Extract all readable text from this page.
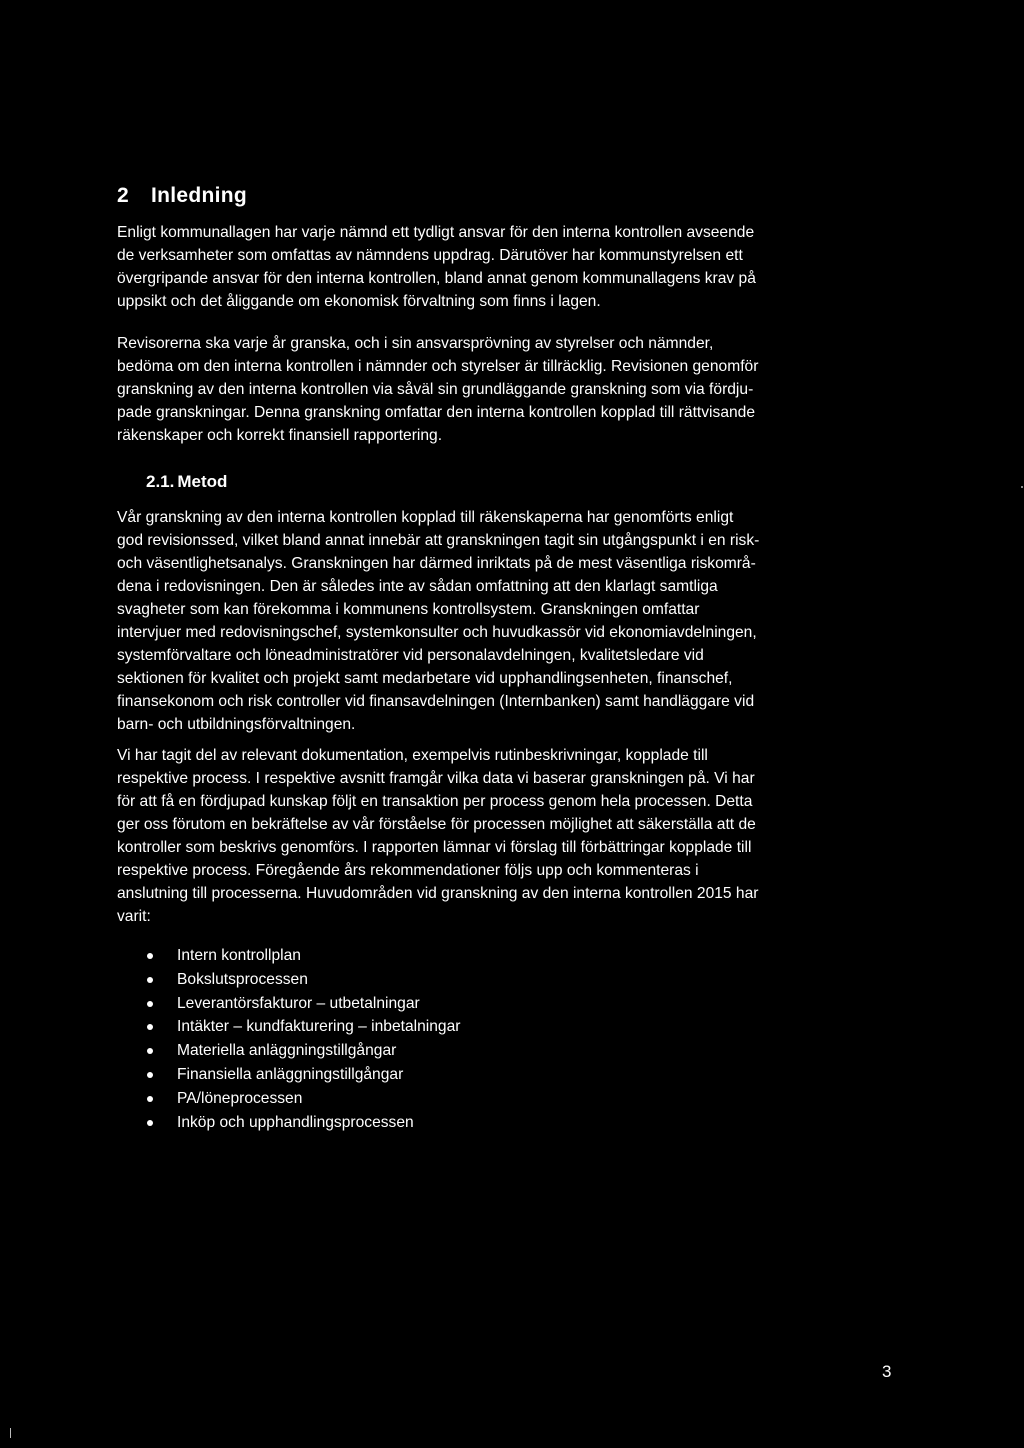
2 Inledning
Enligt kommunallagen har varje nämnd ett tydligt ansvar för den interna kontrollen avseende
de verksamheter som omfattas av nämndens uppdrag. Därutöver har kommunstyrelsen ett
övergripande ansvar för den interna kontrollen, bland annat genom kommunallagens krav på
uppsikt och det åliggande om ekonomisk förvaltning som finns i lagen.
Revisorerna ska varje år granska, och i sin ansvarsprövning av styrelser och nämnder,
bedöma om den interna kontrollen i nämnder och styrelser är tillräcklig. Revisionen genomför
granskning av den interna kontrollen via såväl sin grundläggande granskning som via fördju-
pade granskningar. Denna granskning omfattar den interna kontrollen kopplad till rättvisande
räkenskaper och korrekt finansiell rapportering.
2.1. Metod
Vår granskning av den interna kontrollen kopplad till räkenskaperna har genomförts enligt
god revisionssed, vilket bland annat innebär att granskningen tagit sin utgångspunkt i en risk-
och väsentlighetsanalys. Granskningen har därmed inriktats på de mest väsentliga riskområ-
dena i redovisningen. Den är således inte av sådan omfattning att den klarlagt samtliga
svagheter som kan förekomma i kommunens kontrollsystem. Granskningen omfattar
intervjuer med redovisningschef, systemkonsulter och huvudkassör vid ekonomiavdelningen,
systemförvaltare och löneadministratörer vid personalavdelningen, kvalitetsledare vid
sektionen för kvalitet och projekt samt medarbetare vid upphandlingsenheten, finanschef,
finansekonom och risk controller vid finansavdelningen (Internbanken) samt handläggare vid
barn- och utbildningsförvaltningen.
Vi har tagit del av relevant dokumentation, exempelvis rutinbeskrivningar, kopplade till
respektive process. I respektive avsnitt framgår vilka data vi baserar granskningen på. Vi har
för att få en fördjupad kunskap följt en transaktion per process genom hela processen. Detta
ger oss förutom en bekräftelse av vår förståelse för processen möjlighet att säkerställa att de
kontroller som beskrivs genomförs. I rapporten lämnar vi förslag till förbättringar kopplade till
respektive process. Föregående års rekommendationer följs upp och kommenteras i
anslutning till processerna. Huvudområden vid granskning av den interna kontrollen 2015 har
varit:
Intern kontrollplan
Bokslutsprocessen
Leverantörsfakturor – utbetalningar
Intäkter – kundfakturering – inbetalningar
Materiella anläggningstillgångar
Finansiella anläggningstillgångar
PA/löneprocessen
Inköp och upphandlingsprocessen
3
